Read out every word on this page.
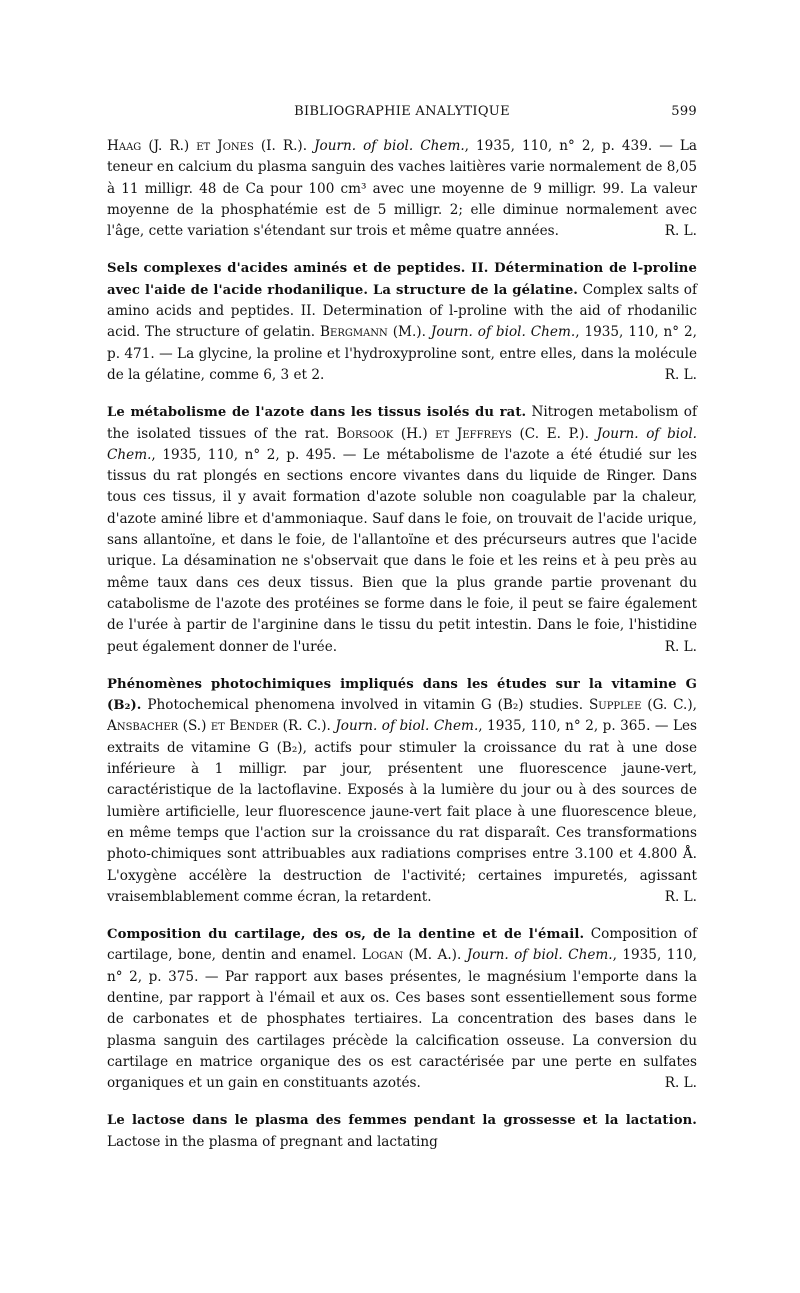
BIBLIOGRAPHIE ANALYTIQUE	599

Haag (J. R.) et Jones (I. R.). Journ. of biol. Chem., 1935, 110, n° 2, p. 439. — La teneur en calcium du plasma sanguin des vaches laitières varie normalement de 8,05 à 11 milligr. 48 de Ca pour 100 cm³ avec une moyenne de 9 milligr. 99. La valeur moyenne de la phosphatémie est de 5 milligr. 2; elle diminue normalement avec l'âge, cette variation s'étendant sur trois et même quatre années.	R. L.

Sels complexes d'acides aminés et de peptides. II. Détermination de l-proline avec l'aide de l'acide rhodanilique. La structure de la gélatine. Complex salts of amino acids and peptides. II. Determination of l-proline with the aid of rhodanilic acid. The structure of gelatin. Bergmann (M.). Journ. of biol. Chem., 1935, 110, n° 2, p. 471. — La glycine, la proline et l'hydroxyproline sont, entre elles, dans la molécule de la gélatine, comme 6, 3 et 2.	R. L.

Le métabolisme de l'azote dans les tissus isolés du rat. Nitrogen metabolism of the isolated tissues of the rat. Borsook (H.) et Jeffreys (C. E. P.). Journ. of biol. Chem., 1935, 110, n° 2, p. 495. — Le métabolisme de l'azote a été étudié sur les tissus du rat plongés en sections encore vivantes dans du liquide de Ringer. Dans tous ces tissus, il y avait formation d'azote soluble non coagulable par la chaleur, d'azote aminé libre et d'ammoniaque. Sauf dans le foie, on trouvait de l'acide urique, sans allantoïne, et dans le foie, de l'allantoïne et des précurseurs autres que l'acide urique. La désamination ne s'observait que dans le foie et les reins et à peu près au même taux dans ces deux tissus. Bien que la plus grande partie provenant du catabolisme de l'azote des protéines se forme dans le foie, il peut se faire également de l'urée à partir de l'arginine dans le tissu du petit intestin. Dans le foie, l'histidine peut également donner de l'urée.	R. L.

Phénomènes photochimiques impliqués dans les études sur la vitamine G (B₂). Photochemical phenomena involved in vitamin G (B₂) studies. Supplee (G. C.), Ansbacher (S.) et Bender (R. C.). Journ. of biol. Chem., 1935, 110, n° 2, p. 365. — Les extraits de vitamine G (B₂), actifs pour stimuler la croissance du rat à une dose inférieure à 1 milligr. par jour, présentent une fluorescence jaune-vert, caractéristique de la lactoflavine. Exposés à la lumière du jour ou à des sources de lumière artificielle, leur fluorescence jaune-vert fait place à une fluorescence bleue, en même temps que l'action sur la croissance du rat disparaît. Ces transformations photo-chimiques sont attribuables aux radiations comprises entre 3.100 et 4.800 Å. L'oxygène accélère la destruction de l'activité; certaines impuretés, agissant vraisemblablement comme écran, la retardent.	R. L.

Composition du cartilage, des os, de la dentine et de l'émail. Composition of cartilage, bone, dentin and enamel. Logan (M. A.). Journ. of biol. Chem., 1935, 110, n° 2, p. 375. — Par rapport aux bases présentes, le magnésium l'emporte dans la dentine, par rapport à l'émail et aux os. Ces bases sont essentiellement sous forme de carbonates et de phosphates tertiaires. La concentration des bases dans le plasma sanguin des cartilages précède la calcification osseuse. La conversion du cartilage en matrice organique des os est caractérisée par une perte en sulfates organiques et un gain en constituants azotés.	R. L.

Le lactose dans le plasma des femmes pendant la grossesse et la lactation. Lactose in the plasma of pregnant and lactating
